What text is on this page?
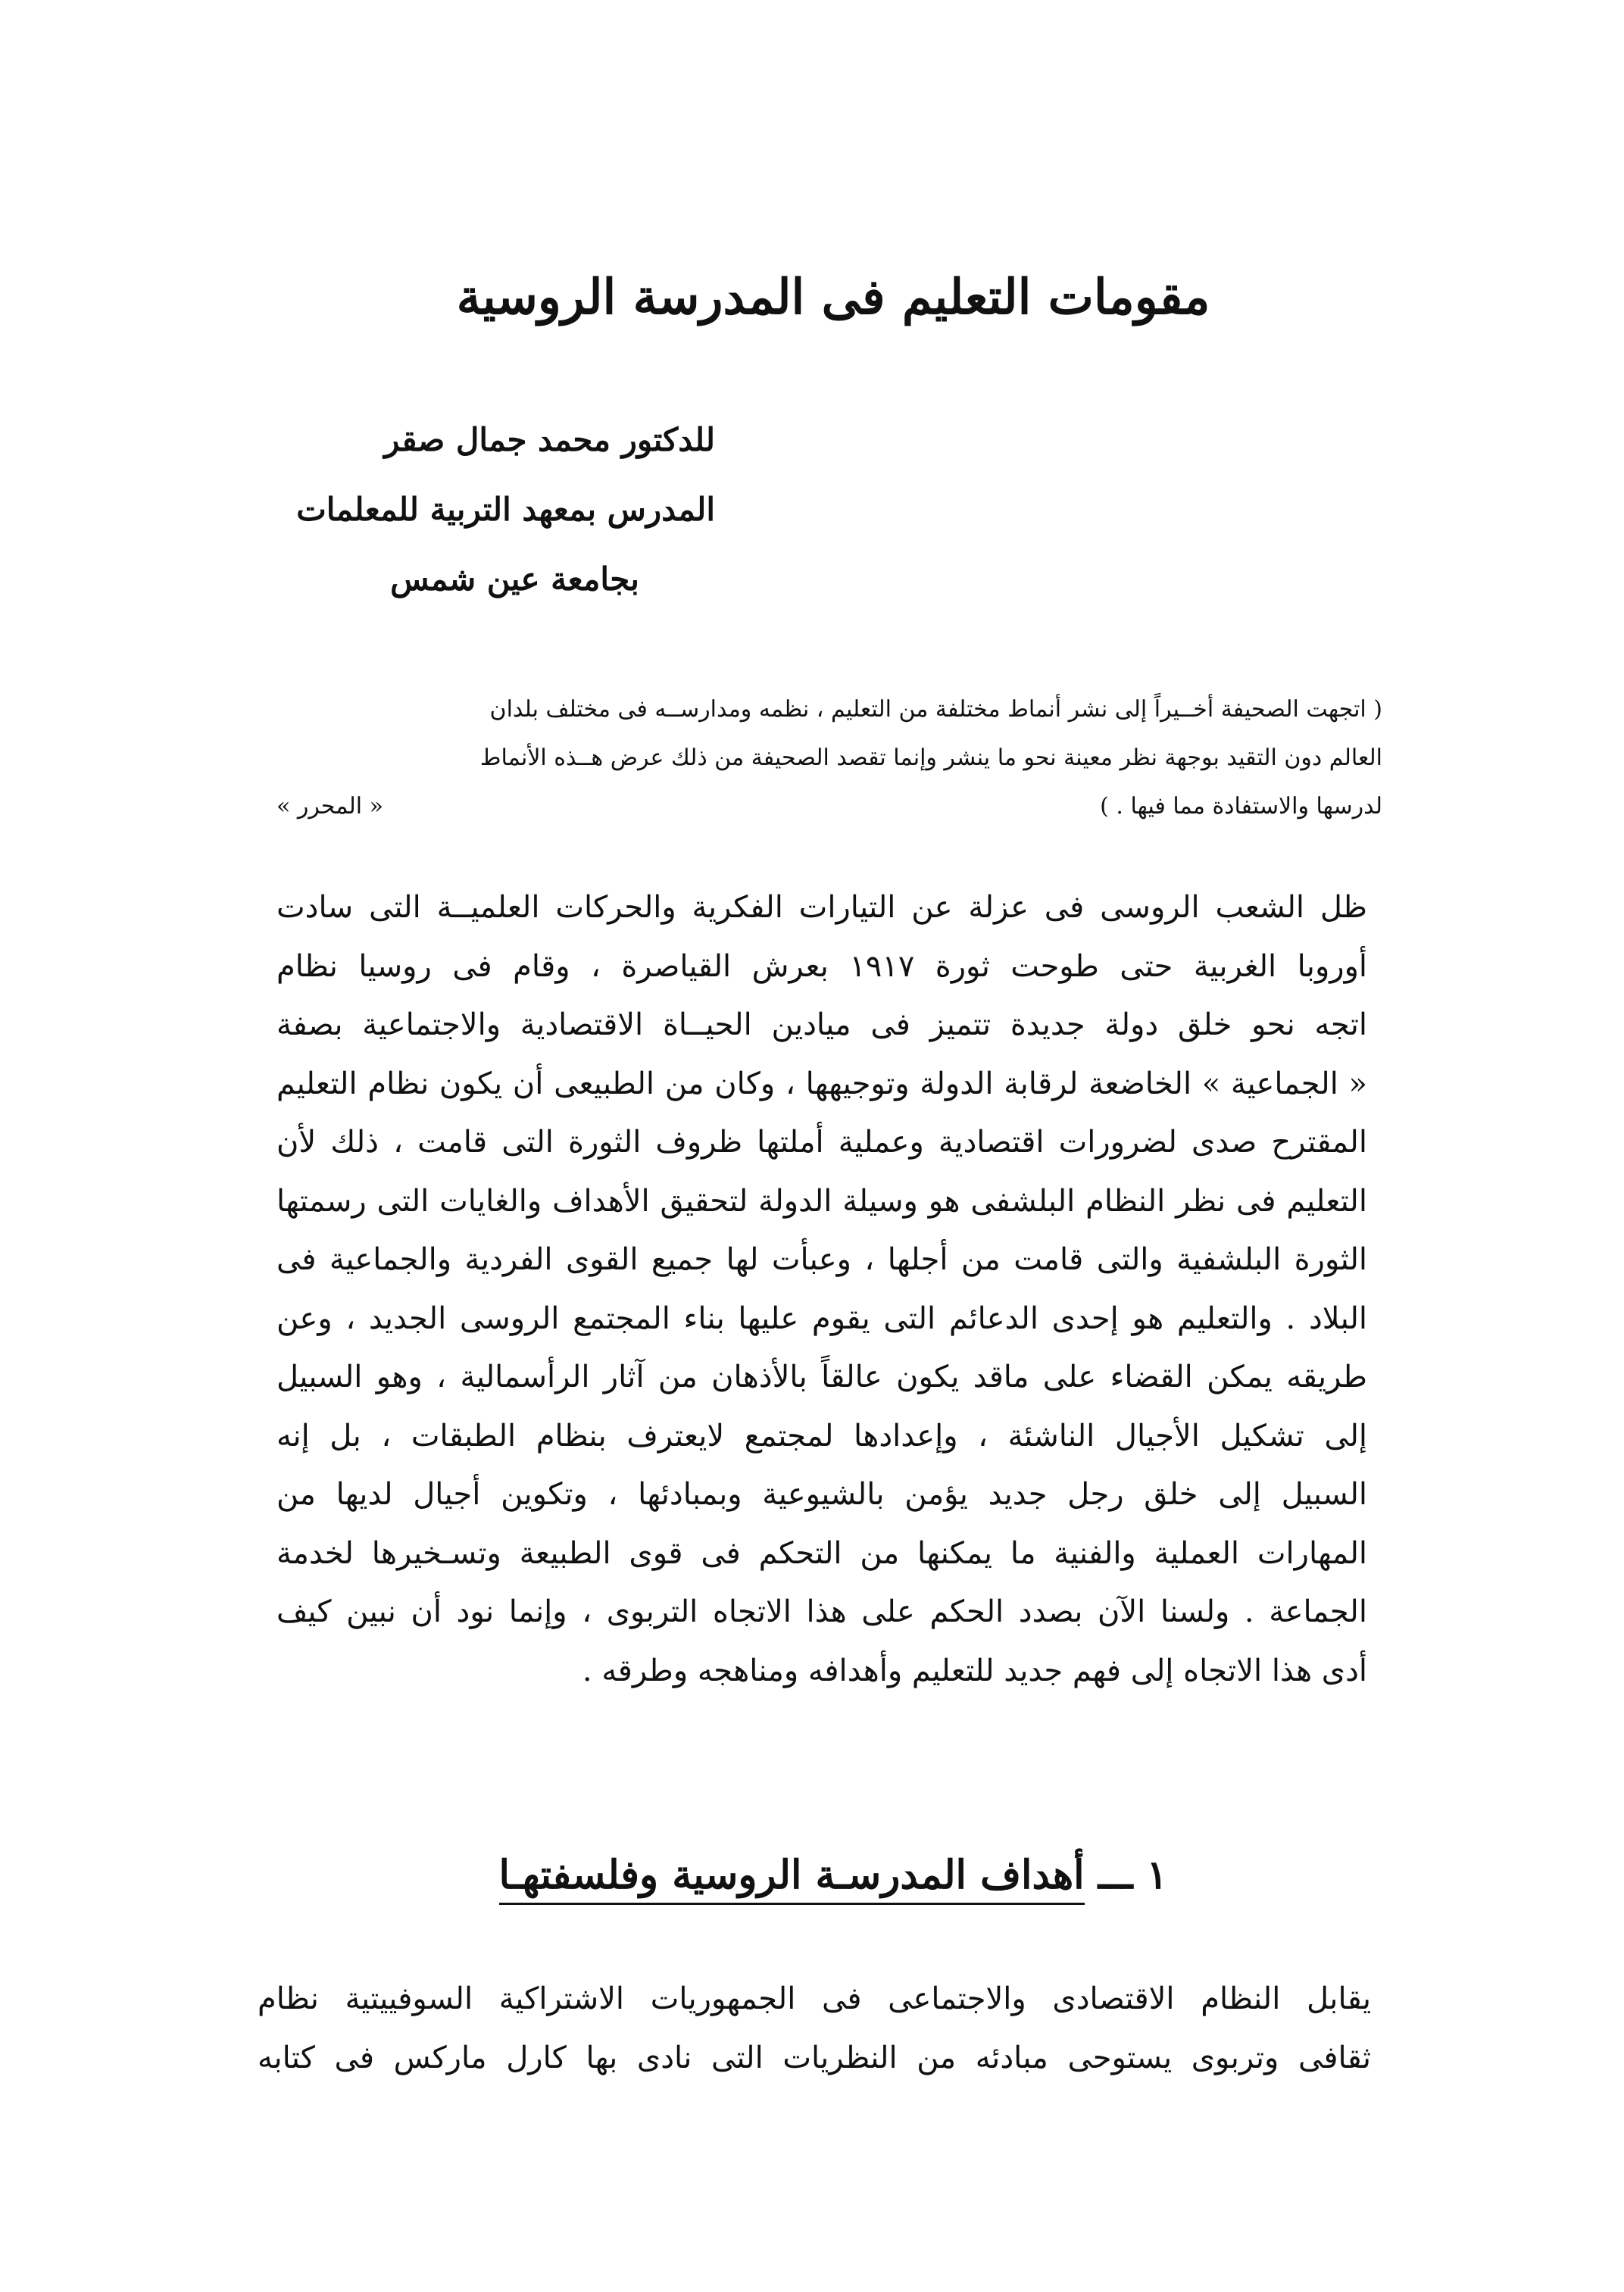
مقومات التعليم فى المدرسة الروسية
للدكتور محمد جمال صقر
المدرس بمعهد التربية للمعلمات
بجامعة عين شمس
( اتجهت الصحيفة أخــيراً إلى نشر أنماط مختلفة من التعليم ، نظمه ومدارســه فى مختلف بلدان
العالم دون التقيد بوجهة نظر معينة نحو ما ينشر وإنما تقصد الصحيفة من ذلك عرض هــذه الأنماط
لدرسها والاستفادة مما فيها . )
« المحرر »
ظل الشعب الروسى فى عزلة عن التيارات الفكرية والحركات العلميــة التى سادت
أوروبا الغربية حتى طوحت ثورة ١٩١٧ بعرش القياصرة ، وقام فى روسيا نظام
اتجه نحو خلق دولة جديدة تتميز فى ميادين الحيــاة الاقتصادية والاجتماعية بصفة
« الجماعية » الخاضعة لرقابة الدولة وتوجيهها ، وكان من الطبيعى أن يكون نظام التعليم
المقترح صدى لضرورات اقتصادية وعملية أملتها ظروف الثورة التى قامت ، ذلك لأن
التعليم فى نظر النظام البلشفى هو وسيلة الدولة لتحقيق الأهداف والغايات التى رسمتها
الثورة البلشفية والتى قامت من أجلها ، وعبأت لها جميع القوى الفردية والجماعية فى
البلاد . والتعليم هو إحدى الدعائم التى يقوم عليها بناء المجتمع الروسى الجديد ، وعن
طريقه يمكن القضاء على ماقد يكون عالقاً بالأذهان من آثار الرأسمالية ، وهو السبيل
إلى تشكيل الأجيال الناشئة ، وإعدادها لمجتمع لايعترف بنظام الطبقات ، بل إنه
السبيل إلى خلق رجل جديد يؤمن بالشيوعية وبمبادئها ، وتكوين أجيال لديها من
المهارات العملية والفنية ما يمكنها من التحكم فى قوى الطبيعة وتسـخيرها لخدمة
الجماعة . ولسنا الآن بصدد الحكم على هذا الاتجاه التربوى ، وإنما نود أن نبين كيف
أدى هذا الاتجاه إلى فهم جديد للتعليم وأهدافه ومناهجه وطرقه .
١ ـــ أهداف المدرسـة الروسية وفلسفتهـا
يقابل النظام الاقتصادى والاجتماعى فى الجمهوريات الاشتراكية السوفييتية نظام
ثقافى وتربوى يستوحى مبادئه من النظريات التى نادى بها كارل ماركس فى كتابه
